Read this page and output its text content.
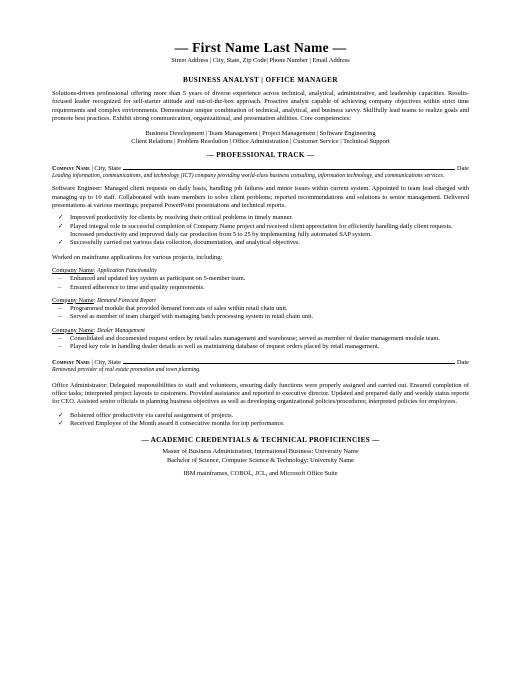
— First Name Last Name —
Street Address | City, State, Zip Code| Phone Number | Email Address
BUSINESS ANALYST | OFFICE MANAGER
Solutions-driven professional offering more than 5 years of diverse experience across technical, analytical, administrative, and leadership capacities. Results-focused leader recognized for self-starter attitude and out-of-the-box approach. Proactive analyst capable of achieving company objectives within strict time requirements and complex environments. Demonstrate unique combination of technical, analytical, and business savvy. Skillfully lead teams to realize goals and promote best practices. Exhibit strong communication, organizational, and presentation abilities. Core competencies:
Business Development | Team Management | Project Management | Software Engineering
Client Relations | Problem Resolution | Office Administration | Customer Service | Technical Support
— PROFESSIONAL TRACK —
Company Name | City, State	Date
Leading information, communications, and technology (ICT) company providing world-class business consulting, information technology, and communications services.

Software Engineer: Managed client requests on daily basis, handling job failures and minor issues within current system. Appointed to team lead charged with managing up to 10 staff. Collaborated with team members to solve client problems; reported recommendations and solutions to senior management. Delivered presentations at various meetings; prepared PowerPoint presentations and technical reports.

✓ Improved productivity for clients by resolving their critical problems in timely manner.
✓ Played integral role in successful completion of Company Name project and received client appreciation for efficiently handling daily client requests. Increased productivity and improved daily car production from 5 to 25 by implementing fully automated SAP system.
✓ Successfully carried out various data collection, documentation, and analytical objectives.

Worked on mainframe applications for various projects, including:

Company Name: Application Functionality
– Enhanced and updated key system as participant on 5-member team.
– Ensured adherence to time and quality requirements.
Company Name: Demand Forecast Report
– Programmed module that provided demand forecasts of sales within retail chain unit.
– Served as member of team charged with managing batch processing system in retail chain unit.
Company Name: Dealer Management
– Consolidated and documented request orders by retail sales management and warehouse; served as member of dealer management module team.
– Played key role in handling dealer details as well as maintaining database of request orders placed by retail management.
Company Name | City, State	Date
Renowned provider of real estate promotion and town planning.

Office Administrator: Delegated responsibilities to staff and volunteers, ensuring daily functions were properly assigned and carried out. Ensured completion of office tasks; interpreted project layouts to customers. Provided assistance and reported to executive director. Updated and prepared daily and weekly status reports for CEO. Assisted senior officials in planning business objectives as well as developing organizational policies/procedures; interpreted policies for employees.

✓ Bolstered office productivity via careful assignment of projects.
✓ Received Employee of the Month award 8 consecutive months for top performance.
— ACADEMIC CREDENTIALS & TECHNICAL PROFICIENCIES —
Master of Business Administration, International Business: University Name
Bachelor of Science, Computer Science & Technology: University Name
IBM mainframes, COBOL, JCL, and Microsoft Office Suite
